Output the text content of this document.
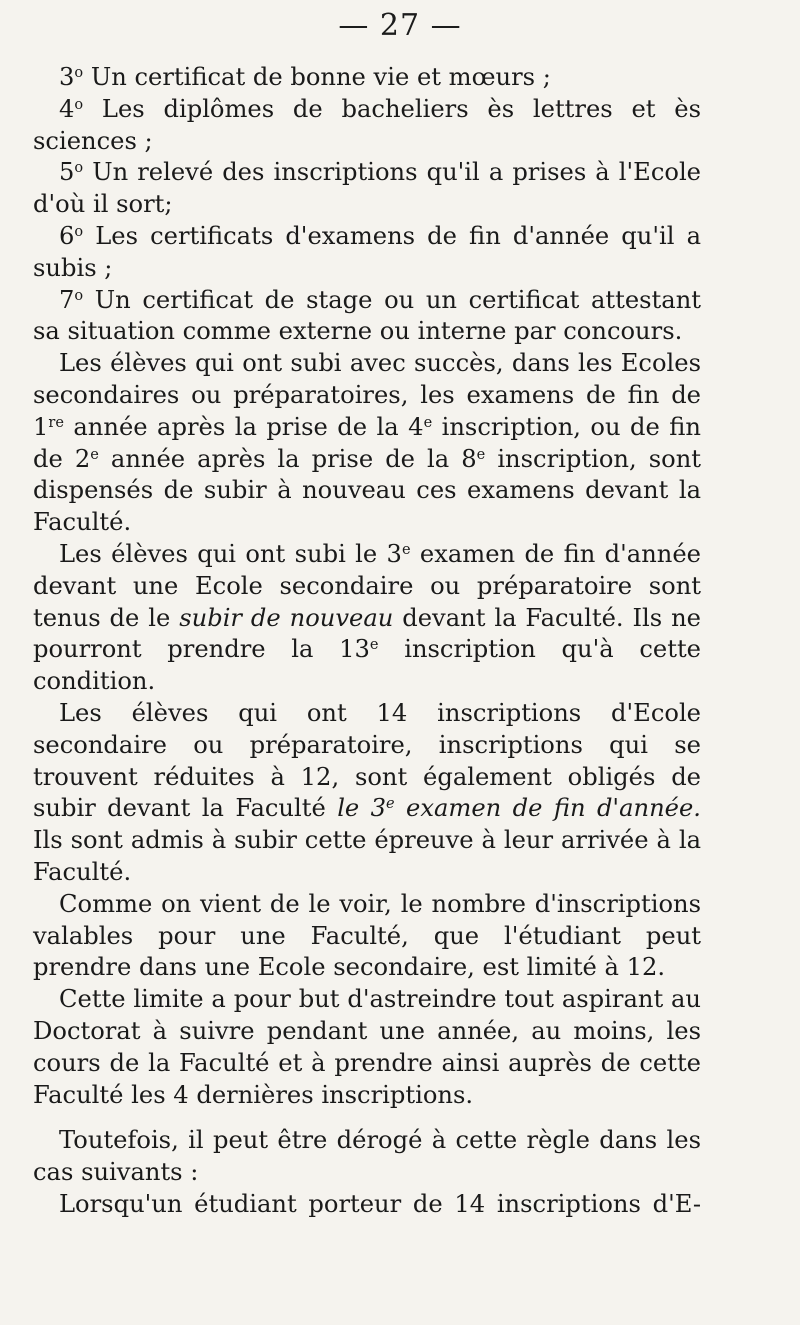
— 27 —

3$^o$ Un certificat de bonne vie et mœurs ;

4$^o$ Les diplômes de bacheliers ès lettres et ès sciences ;

5$^o$ Un relevé des inscriptions qu'il a prises à l'Ecole d'où il sort;

6$^o$ Les certificats d'examens de fin d'année qu'il a subis ;

7$^o$ Un certificat de stage ou un certificat attestant sa situation comme externe ou interne par concours.

Les élèves qui ont subi avec succès, dans les Ecoles secondaires ou préparatoires, les examens de fin de 1re année après la prise de la 4e inscription, ou de fin de 2e année après la prise de la 8e inscription, sont dispensés de subir à nouveau ces examens devant la Faculté.

Les élèves qui ont subi le 3e examen de fin d'année devant une Ecole secondaire ou préparatoire sont tenus de le subir de nouveau devant la Faculté. Ils ne pourront prendre la 13e inscription qu'à cette condition.

Les élèves qui ont 14 inscriptions d'Ecole secondaire ou préparatoire, inscriptions qui se trouvent réduites à 12, sont également obligés de subir devant la Faculté le 3e examen de fin d'année. Ils sont admis à subir cette épreuve à leur arrivée à la Faculté.

Comme on vient de le voir, le nombre d'inscriptions valables pour une Faculté, que l'étudiant peut prendre dans une Ecole secondaire, est limité à 12.

Cette limite a pour but d'astreindre tout aspirant au Doctorat à suivre pendant une année, au moins, les cours de la Faculté et à prendre ainsi auprès de cette Faculté les 4 dernières inscriptions.

Toutefois, il peut être dérogé à cette règle dans les cas suivants :

Lorsqu'un étudiant porteur de 14 inscriptions d'E-
